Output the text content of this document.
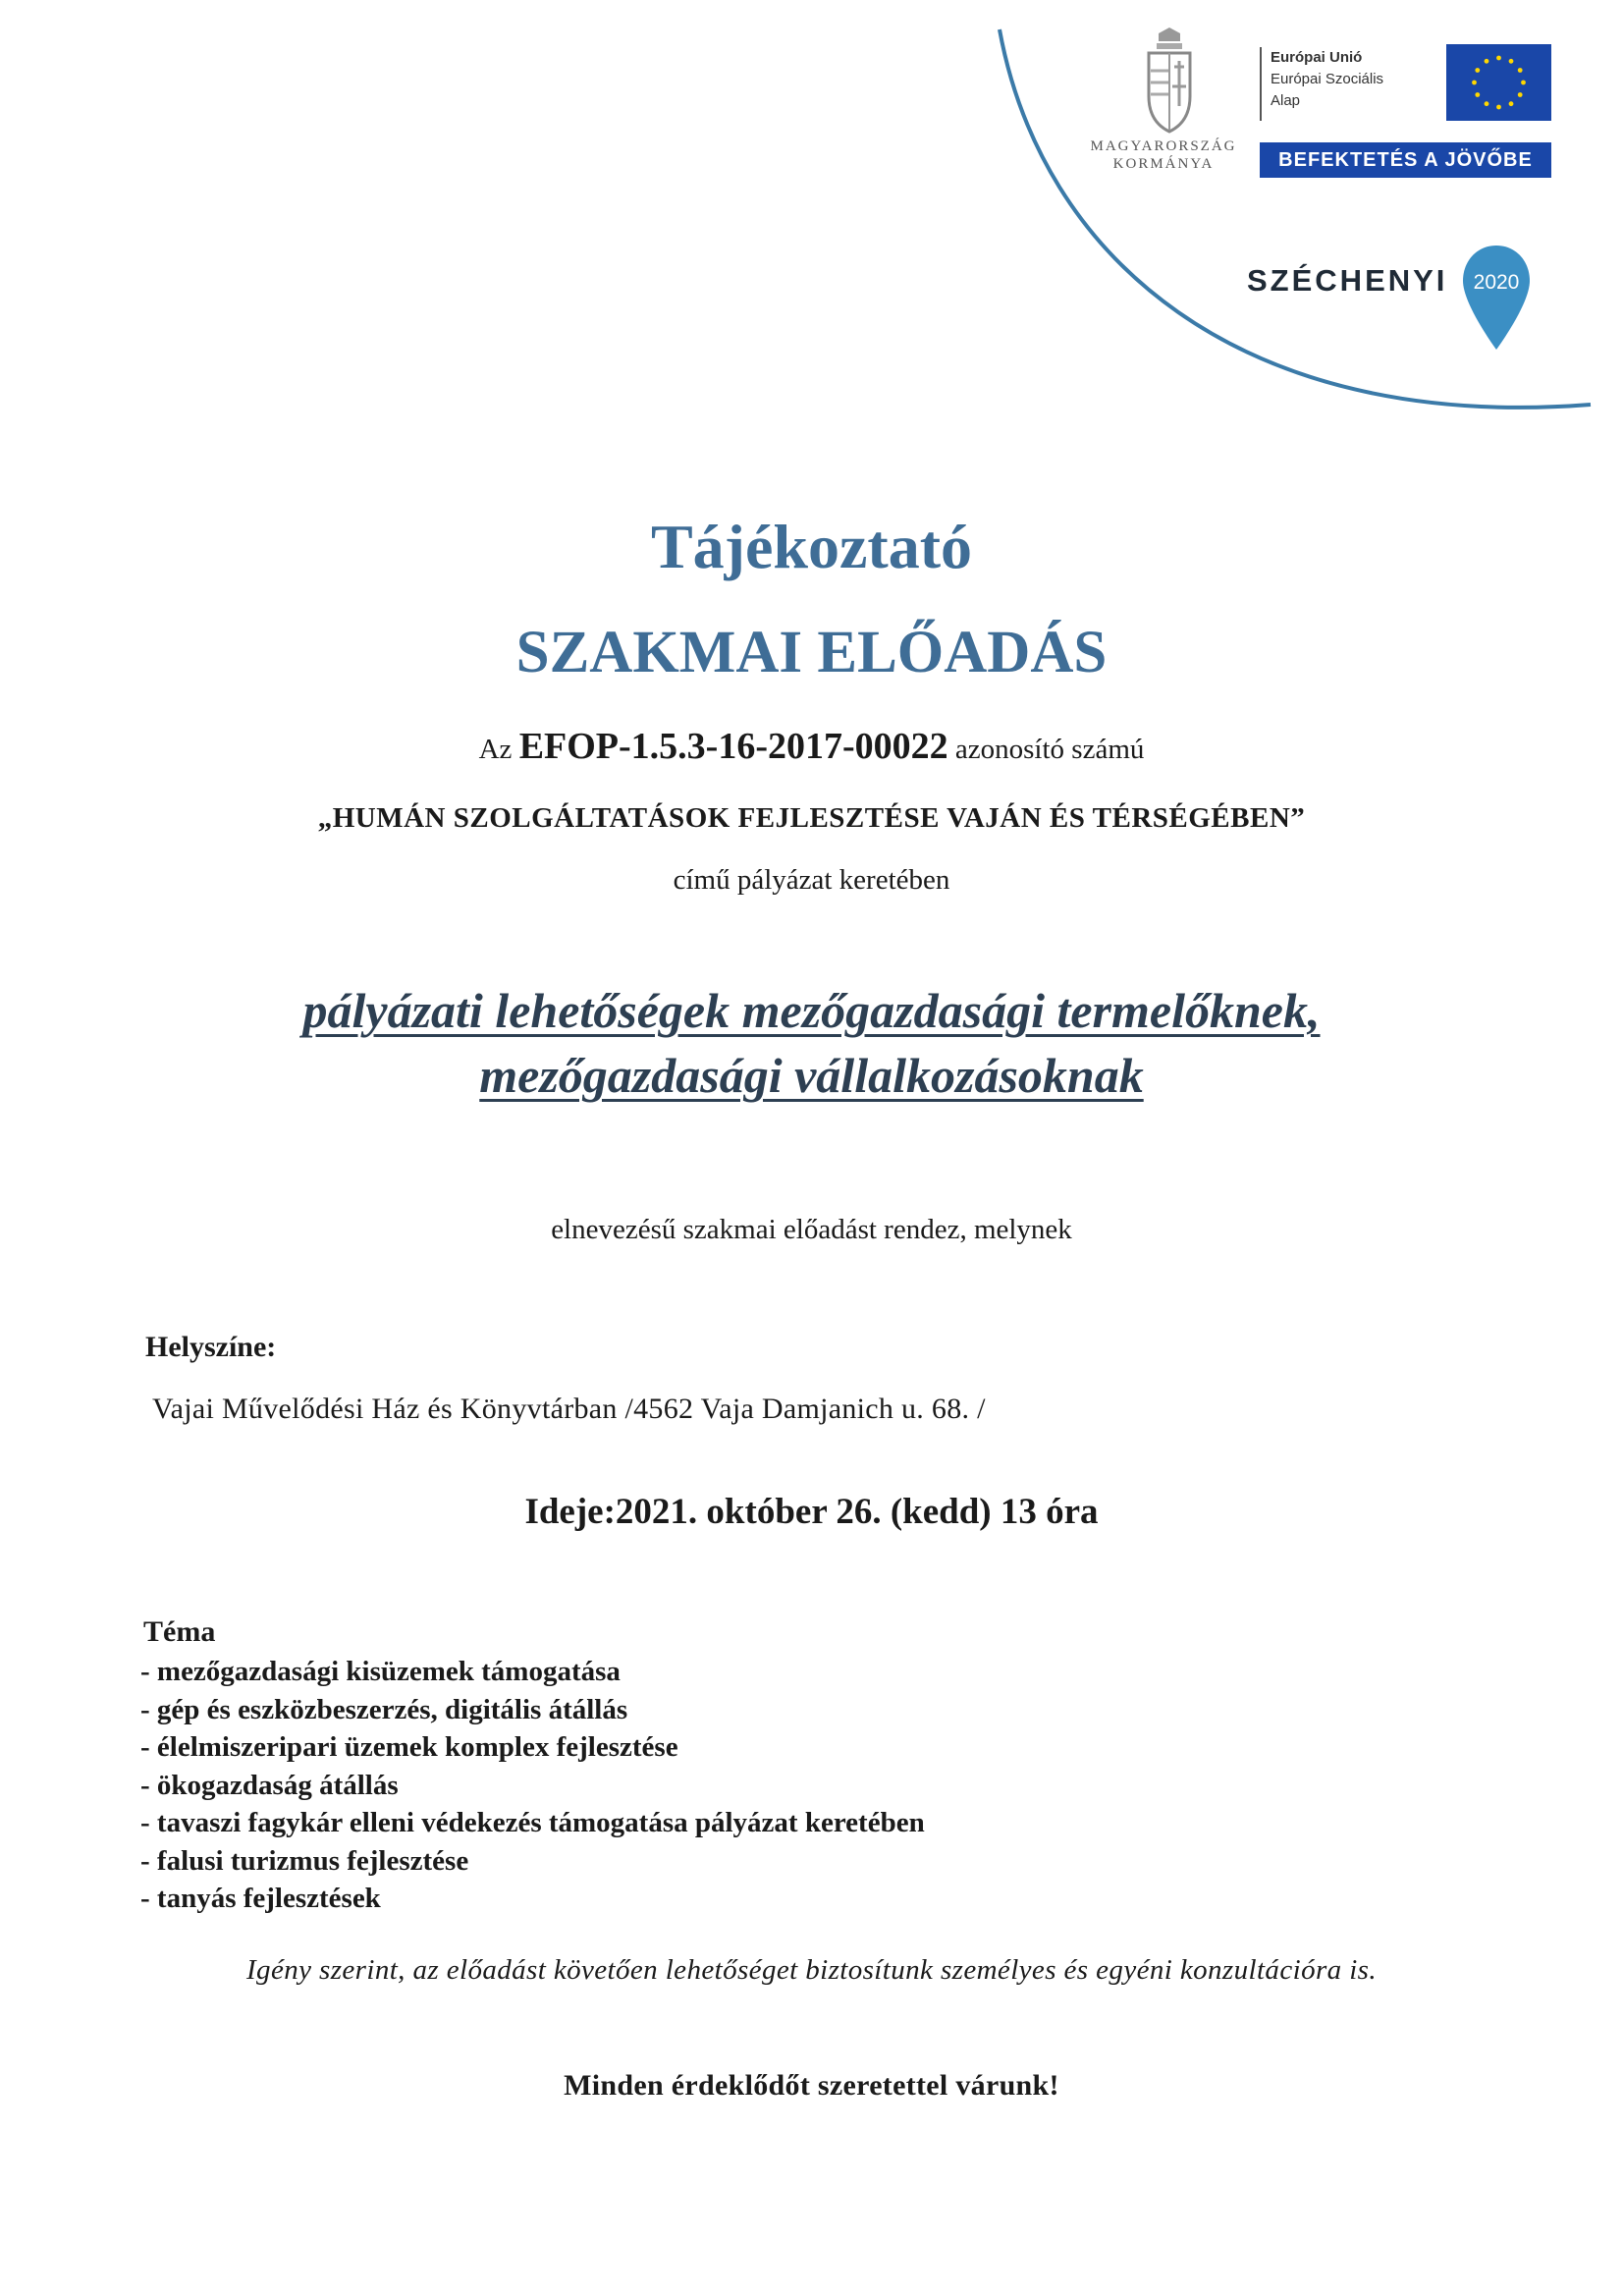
MAGYARORSZÁG
KORMÁNYA
Európai Unió
Európai Szociális
Alap
BEFEKTETÉS A JÖVŐBE
SZÉCHENYI 2020
Tájékoztató
SZAKMAI ELŐADÁS
Az EFOP-1.5.3-16-2017-00022 azonosító számú
„HUMÁN SZOLGÁLTATÁSOK FEJLESZTÉSE VAJÁN ÉS TÉRSÉGÉBEN”
című pályázat keretében
pályázati lehetőségek mezőgazdasági termelőknek,
mezőgazdasági vállalkozásoknak
elnevezésű szakmai előadást rendez, melynek
Helyszíne:
Vajai Művelődési Ház és Könyvtárban /4562 Vaja Damjanich u. 68. /
Ideje:2021. október 26. (kedd) 13 óra
Téma
- mezőgazdasági kisüzemek támogatása
- gép és eszközbeszerzés, digitális átállás
- élelmiszeripari üzemek komplex fejlesztése
- ökogazdaság átállás
- tavaszi fagykár elleni védekezés támogatása pályázat keretében
- falusi turizmus fejlesztése
- tanyás fejlesztések
Igény szerint, az előadást követően lehetőséget biztosítunk személyes és egyéni konzultációra is.
Minden érdeklődőt szeretettel várunk!
